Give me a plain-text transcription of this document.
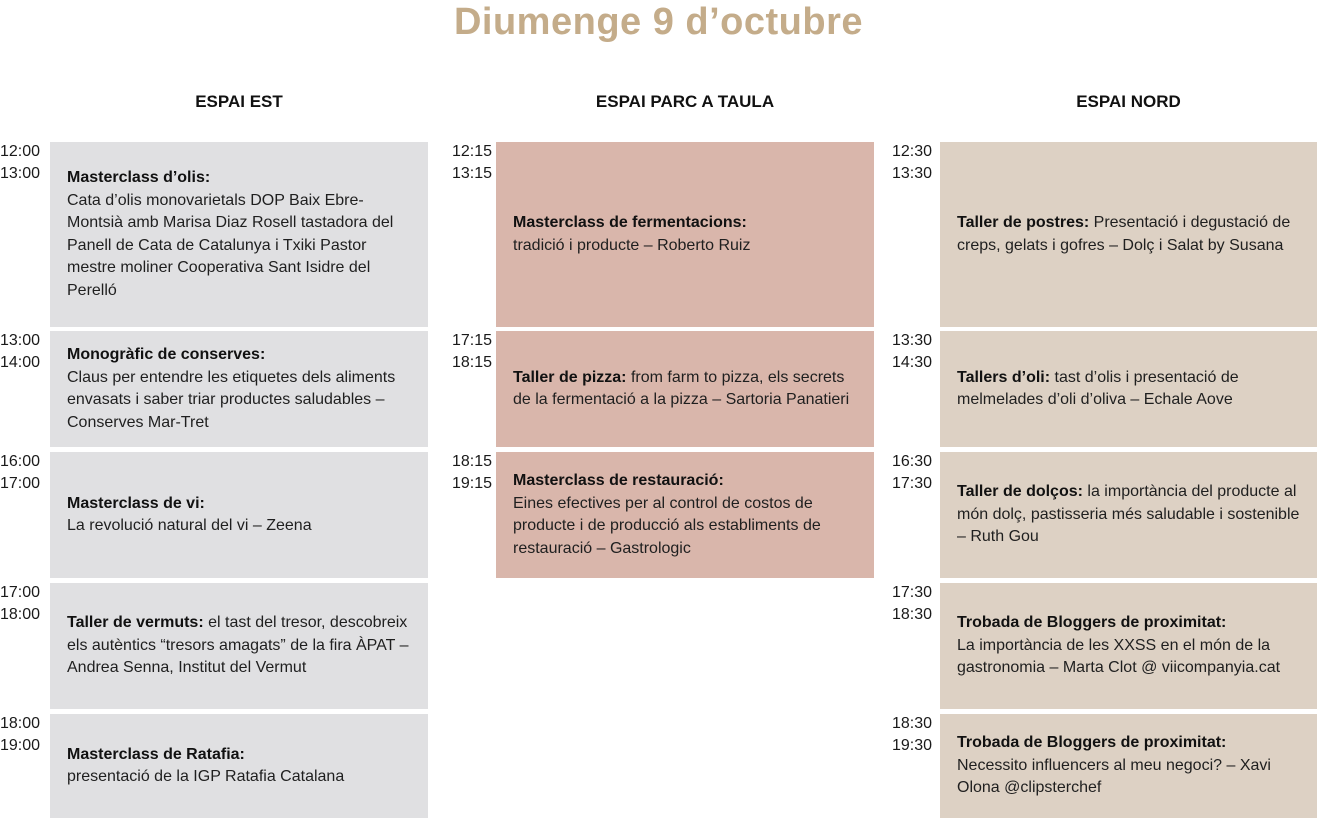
Diumenge 9 d’octubre
ESPAI EST	ESPAI PARC A TAULA	ESPAI NORD
12:00
13:00 Masterclass d’olis:
Cata d’olis monovarietals DOP Baix Ebre-Montsià amb Marisa Diaz Rosell tastadora del Panell de Cata de Catalunya i Txiki Pastor mestre moliner Cooperativa Sant Isidre del Perelló
13:00
14:00 Monogràfic de conserves:
Claus per entendre les etiquetes dels aliments envasats i saber triar productes saludables – Conserves Mar-Tret
16:00
17:00
Masterclass de vi:
La revolució natural del vi – Zeena
17:00
18:00 Taller de vermuts: el tast del tresor, descobreix els autèntics “tresors amagats” de la fira ÀPAT – Andrea Senna, Institut del Vermut
18:00
19:00 Masterclass de Ratafia:
presentació de la IGP Ratafia Catalana
12:15
13:15
Masterclass de fermentacions:
tradició i producte – Roberto Ruiz
17:15
18:15
Taller de pizza: from farm to pizza, els secrets de la fermentació a la pizza – Sartoria Panatieri
18:15
19:15 Masterclass de restauració:
Eines efectives per al control de costos de producte i de producció als establiments de restauració – Gastrologic
12:30
13:30
Taller de postres: Presentació i degustació de creps, gelats i gofres – Dolç i Salat by Susana
13:30
14:30
Tallers d’oli: tast d’olis i presentació de melmelades d’oli d’oliva – Echale Aove
16:30
17:30 Taller de dolços: la importància del producte al món dolç, pastisseria més saludable i sostenible – Ruth Gou
17:30
18:30 Trobada de Bloggers de proximitat:
La importància de les XXSS en el món de la gastronomia – Marta Clot @ viicompanyia.cat
18:30
19:30 Trobada de Bloggers de proximitat:
Necessito influencers al meu negoci? – Xavi Olona @clipsterchef
